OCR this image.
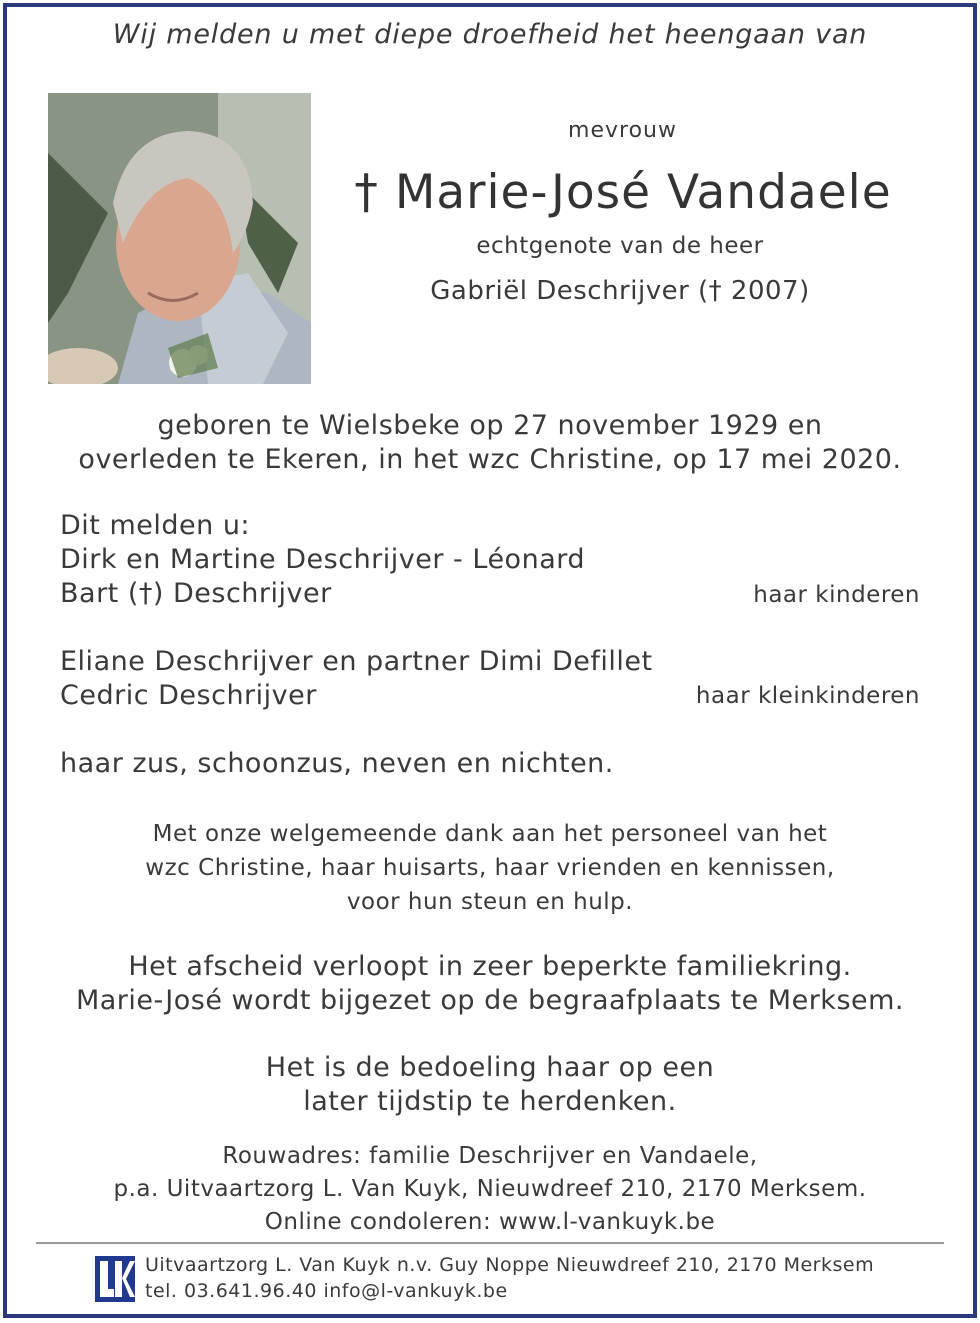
Wij melden u met diepe droefheid het heengaan van
mevrouw
† Marie-José Vandaele
echtgenote van de heer
Gabriël Deschrijver († 2007)
geboren te Wielsbeke op 27 november 1929 en
overleden te Ekeren, in het wzc Christine, op 17 mei 2020.
Dit melden u:
Dirk en Martine Deschrijver - Léonard
Bart (†) Deschrijver	haar kinderen
Eliane Deschrijver en partner Dimi Defillet
Cedric Deschrijver	haar kleinkinderen
haar zus, schoonzus, neven en nichten.
Met onze welgemeende dank aan het personeel van het
wzc Christine, haar huisarts, haar vrienden en kennissen,
voor hun steun en hulp.
Het afscheid verloopt in zeer beperkte familiekring.
Marie-José wordt bijgezet op de begraafplaats te Merksem.
Het is de bedoeling haar op een
later tijdstip te herdenken.
Rouwadres: familie Deschrijver en Vandaele,
p.a. Uitvaartzorg L. Van Kuyk, Nieuwdreef 210, 2170 Merksem.
Online condoleren: www.l-vankuyk.be
Uitvaartzorg L. Van Kuyk n.v. Guy Noppe Nieuwdreef 210, 2170 Merksem
tel. 03.641.96.40 info@l-vankuyk.be
